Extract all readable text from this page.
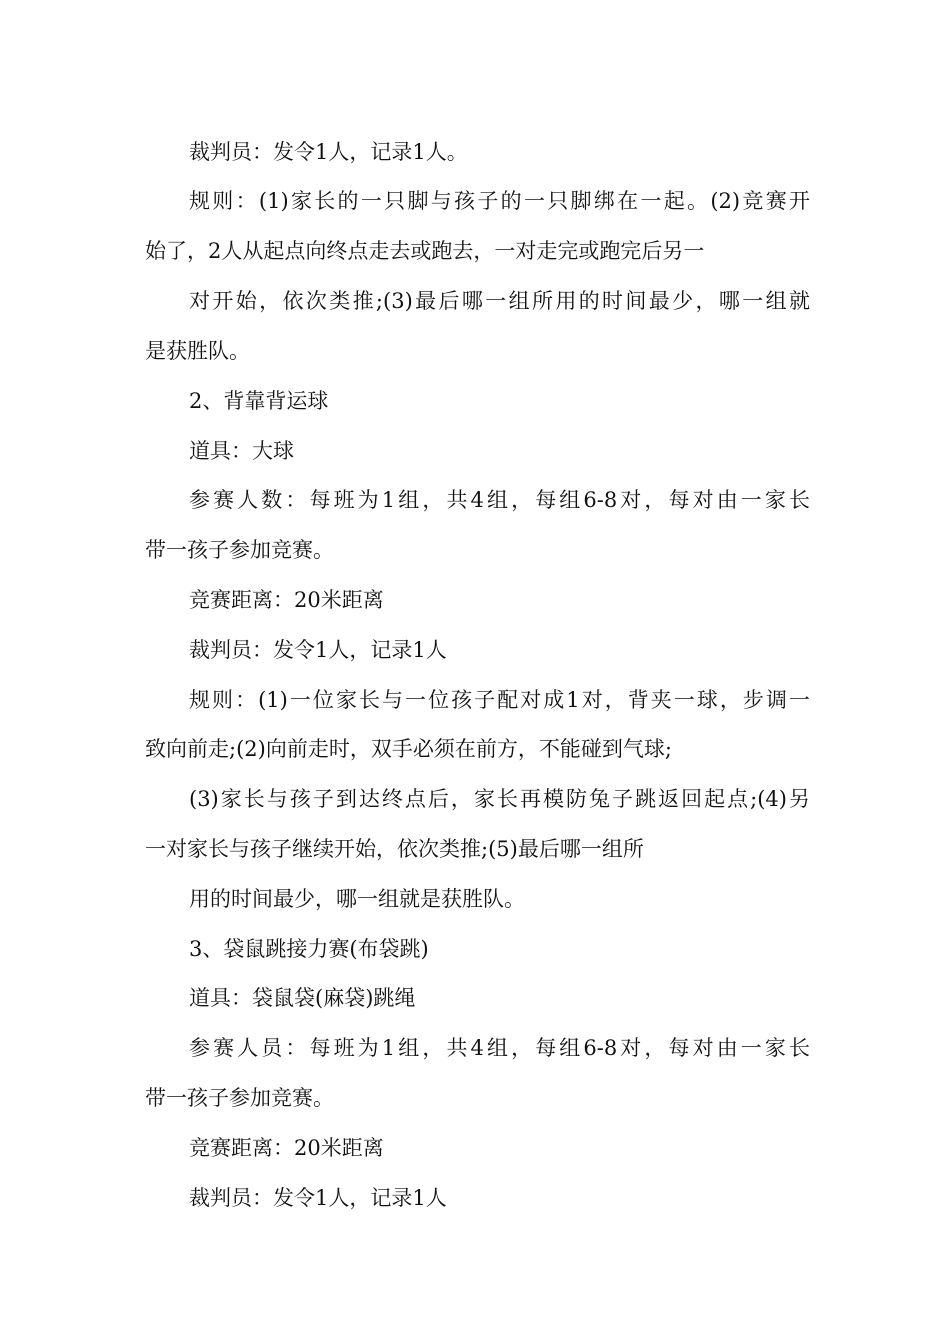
裁判员：发令1人，记录1人。
规则：(1)家长的一只脚与孩子的一只脚绑在一起。(2)竞赛开
始了，2人从起点向终点走去或跑去，一对走完或跑完后另一
对开始，依次类推;(3)最后哪一组所用的时间最少，哪一组就
是获胜队。
2、背靠背运球
道具：大球
参赛人数：每班为1组，共4组，每组6-8对，每对由一家长
带一孩子参加竞赛。
竞赛距离：20米距离
裁判员：发令1人，记录1人
规则：(1)一位家长与一位孩子配对成1对，背夹一球，步调一
致向前走;(2)向前走时，双手必须在前方，不能碰到气球;
(3)家长与孩子到达终点后，家长再模防兔子跳返回起点;(4)另
一对家长与孩子继续开始，依次类推;(5)最后哪一组所
用的时间最少，哪一组就是获胜队。
3、袋鼠跳接力赛(布袋跳)
道具：袋鼠袋(麻袋)跳绳
参赛人员：每班为1组，共4组，每组6-8对，每对由一家长
带一孩子参加竞赛。
竞赛距离：20米距离
裁判员：发令1人，记录1人
